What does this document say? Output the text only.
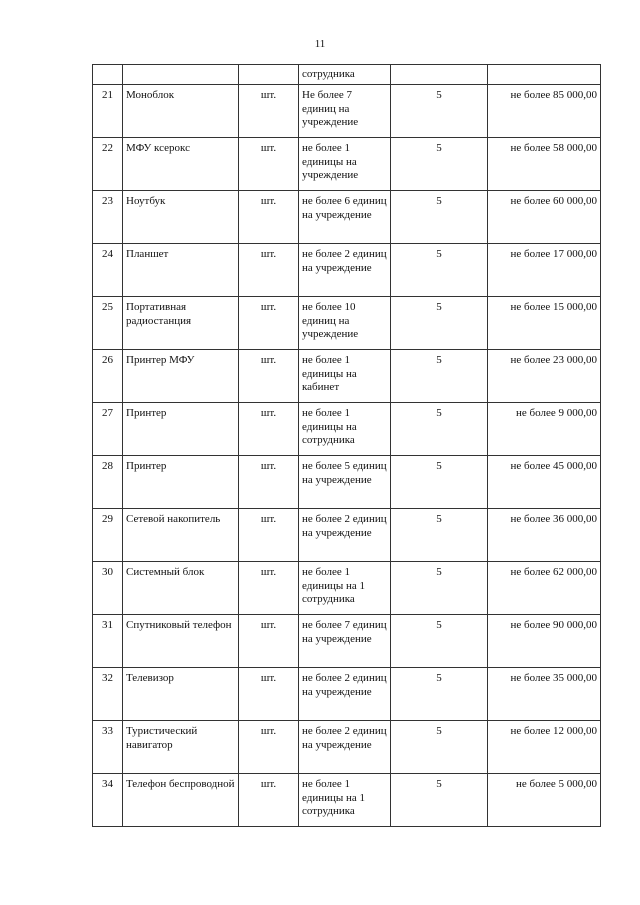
11
			сотрудника		
21	Моноблок	шт.	Не более 7 единиц на учреждение	5	не более 85 000,00
22	МФУ ксерокс	шт.	не более 1 единицы на учреждение	5	не более 58 000,00
23	Ноутбук	шт.	не более 6 единиц на учреждение	5	не более 60 000,00
24	Планшет	шт.	не более 2 единиц на учреждение	5	не более 17 000,00
25	Портативная радиостанция	шт.	не более 10 единиц на учреждение	5	не более 15 000,00
26	Принтер МФУ	шт.	не более 1 единицы на кабинет	5	не более 23 000,00
27	Принтер	шт.	не более 1 единицы на сотрудника	5	не более 9 000,00
28	Принтер	шт.	не более 5 единиц на учреждение	5	не более 45 000,00
29	Сетевой накопитель	шт.	не более 2 единиц на учреждение	5	не более 36 000,00
30	Системный блок	шт.	не более 1 единицы на 1 сотрудника	5	не более 62 000,00
31	Спутниковый телефон	шт.	не более 7 единиц на учреждение	5	не более 90 000,00
32	Телевизор	шт.	не более 2 единиц на учреждение	5	не более 35 000,00
33	Туристический навигатор	шт.	не более 2 единиц на учреждение	5	не более 12 000,00
34	Телефон беспроводной	шт.	не более 1 единицы на 1 сотрудника	5	не более 5 000,00
